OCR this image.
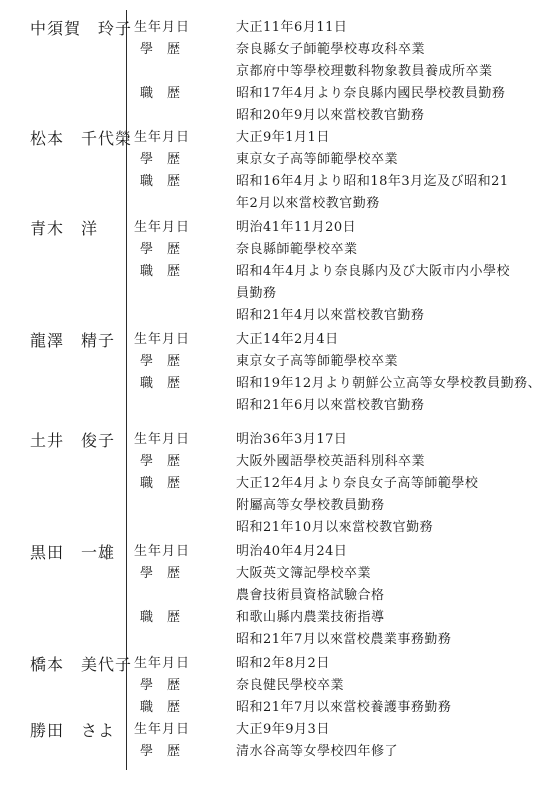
中須賀　玲子 生年月日	大正11年6月11日
學歴	奈良縣女子師範學校專攻科卒業
京都府中等學校理數科物象教員養成所卒業
職歴	昭和17年4月より奈良縣内國民學校教員勤務
昭和20年9月以來當校教官勤務
松本　千代榮 生年月日	大正9年1月1日
學歴	東京女子高等師範學校卒業
職歴	昭和16年4月より昭和18年3月迄及び昭和21
年2月以來當校教官勤務
青木　洋	生年月日	明治41年11月20日
學歴	奈良縣師範學校卒業
職歴	昭和4年4月より奈良縣内及び大阪市内小學校
員勤務
昭和21年4月以來當校教官勤務
龍澤　精子 生年月日	大正14年2月4日
學歴	東京女子高等師範學校卒業
職歴	昭和19年12月より朝鮮公立高等女學校教員勤務、
昭和21年6月以來當校教官勤務
土井　俊子 生年月日	明治36年3月17日
學歴	大阪外國語學校英語科別科卒業
職歴	大正12年4月より奈良女子高等師範學校
附屬高等女學校教員勤務
昭和21年10月以來當校教官勤務
黒田　一雄 生年月日	明治40年4月24日
學歴	大阪英文簿記學校卒業
農會技術員資格試驗合格
職歴	和歌山縣内農業技術指導
昭和21年7月以來當校農業事務勤務
橋本　美代子 生年月日	昭和2年8月2日
學歴	奈良健民學校卒業
職歴	昭和21年7月以來當校養護事務勤務
勝田　さよ 生年月日	大正9年9月3日
學歴	清水谷高等女學校四年修了
